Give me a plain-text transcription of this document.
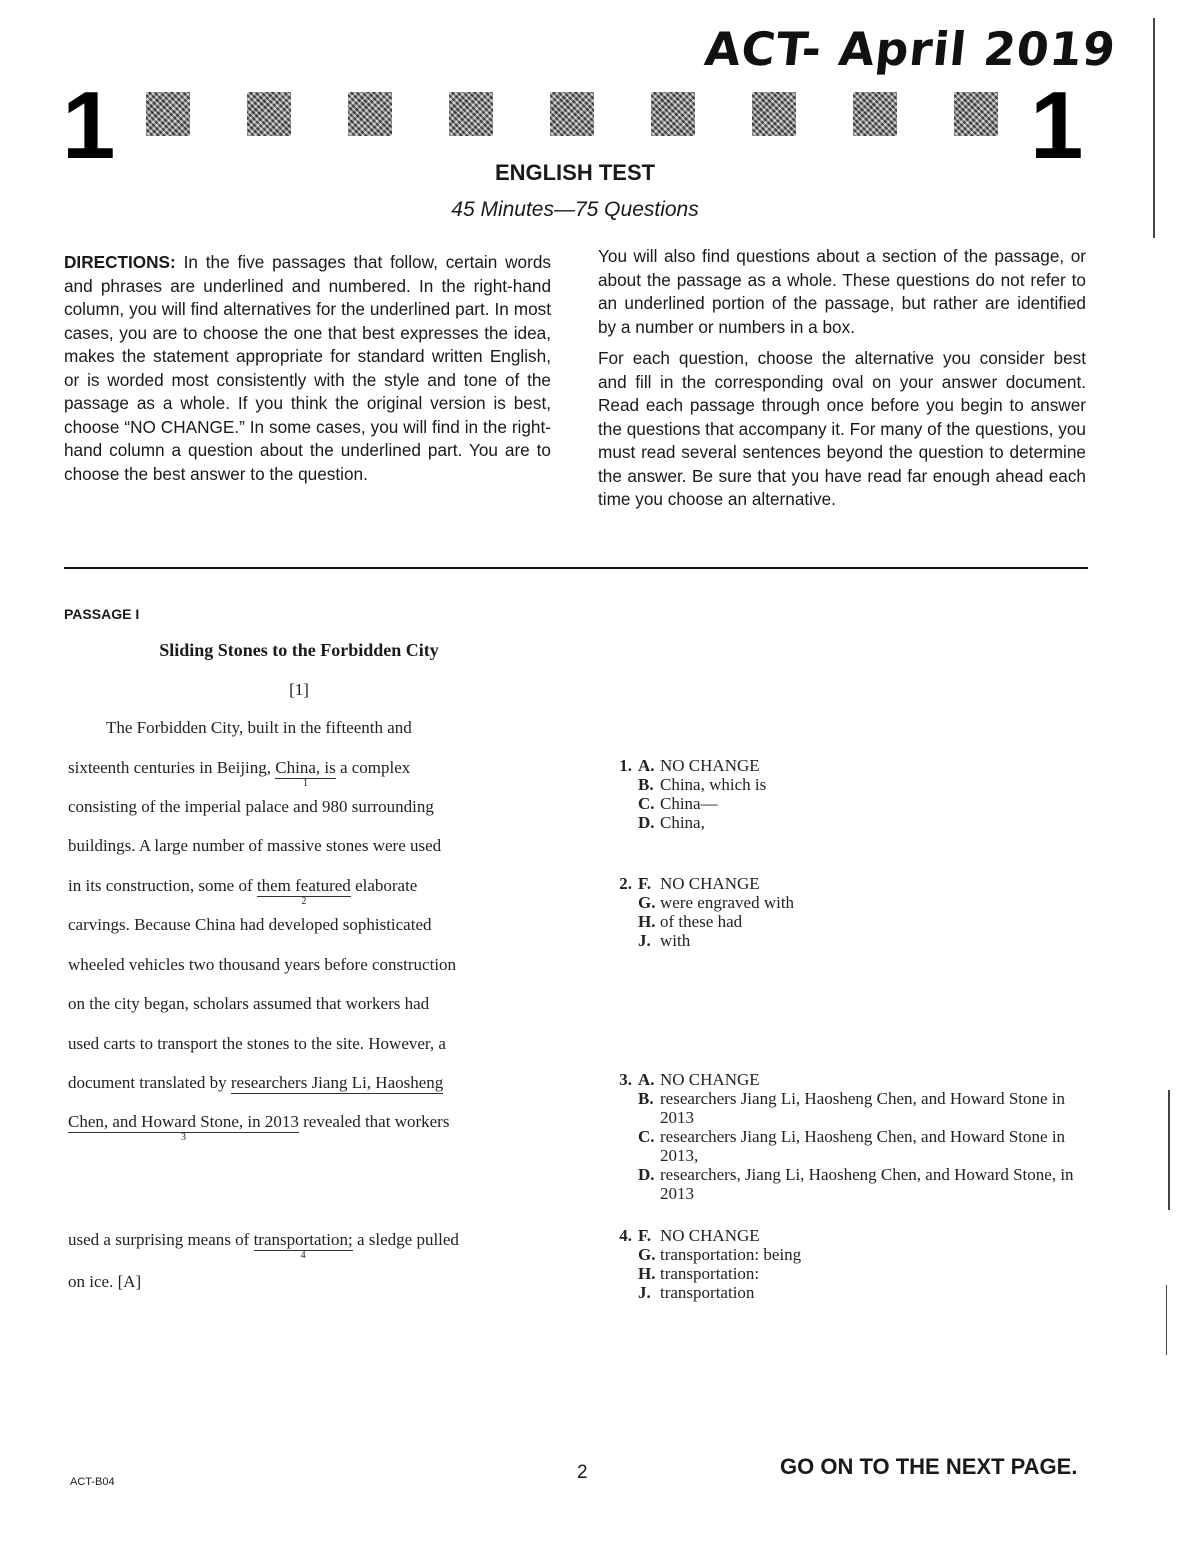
ACT- April 2019
1	1
ENGLISH TEST
45 Minutes—75 Questions
DIRECTIONS: In the five passages that follow, certain words and phrases are underlined and numbered. In the right-hand column, you will find alternatives for the underlined part. In most cases, you are to choose the one that best expresses the idea, makes the statement appropriate for standard written English, or is worded most consistently with the style and tone of the passage as a whole. If you think the original version is best, choose “NO CHANGE.” In some cases, you will find in the right-hand column a question about the underlined part. You are to choose the best answer to the question.

You will also find questions about a section of the passage, or about the passage as a whole. These questions do not refer to an underlined portion of the passage, but rather are identified by a number or numbers in a box.

For each question, choose the alternative you consider best and fill in the corresponding oval on your answer document. Read each passage through once before you begin to answer the questions that accompany it. For many of the questions, you must read several sentences beyond the question to determine the answer. Be sure that you have read far enough ahead each time you choose an alternative.

PASSAGE I
Sliding Stones to the Forbidden City
[1]
The Forbidden City, built in the fifteenth and
sixteenth centuries in Beijing, China, is
1
a complex
consisting of the imperial palace and 980 surrounding
buildings. A large number of massive stones were used
in its construction, some of them featured
2
elaborate
carvings. Because China had developed sophisticated
wheeled vehicles two thousand years before construction
on the city began, scholars assumed that workers had
used carts to transport the stones to the site. However, a
document translated by researchers Jiang Li, Haosheng
Chen, and Howard Stone, in 2013
3
revealed that workers
used a surprising means of transportation;
4
a sledge pulled
on ice. [A]
1. A. NO CHANGE
B. China, which is
C. China—
D. China,
2. F. NO CHANGE
G. were engraved with
H. of these had
J. with
3. A. NO CHANGE
B. researchers Jiang Li, Haosheng Chen, and Howard Stone in 2013
C. researchers Jiang Li, Haosheng Chen, and Howard Stone in 2013,
D. researchers, Jiang Li, Haosheng Chen, and Howard Stone, in 2013
4. F. NO CHANGE
G. transportation: being
H. transportation:
J. transportation
ACT-B04	2	GO ON TO THE NEXT PAGE.
